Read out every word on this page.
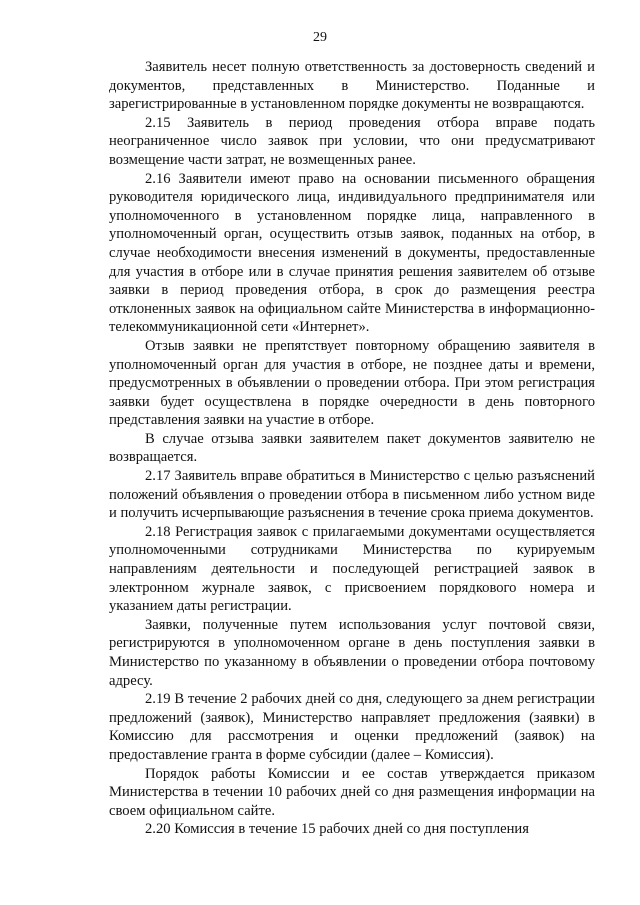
29

Заявитель несет полную ответственность за достоверность сведений и документов, представленных в Министерство. Поданные и зарегистрированные в установленном порядке документы не возвращаются.

2.15 Заявитель в период проведения отбора вправе подать неограниченное число заявок при условии, что они предусматривают возмещение части затрат, не возмещенных ранее.

2.16 Заявители имеют право на основании письменного обращения руководителя юридического лица, индивидуального предпринимателя или уполномоченного в установленном порядке лица, направленного в уполномоченный орган, осуществить отзыв заявок, поданных на отбор, в случае необходимости внесения изменений в документы, предоставленные для участия в отборе или в случае принятия решения заявителем об отзыве заявки в период проведения отбора, в срок до размещения реестра отклоненных заявок на официальном сайте Министерства в информационно-телекоммуникационной сети «Интернет».

Отзыв заявки не препятствует повторному обращению заявителя в уполномоченный орган для участия в отборе, не позднее даты и времени, предусмотренных в объявлении о проведении отбора. При этом регистрация заявки будет осуществлена в порядке очередности в день повторного представления заявки на участие в отборе.

В случае отзыва заявки заявителем пакет документов заявителю не возвращается.

2.17 Заявитель вправе обратиться в Министерство с целью разъяснений положений объявления о проведении отбора в письменном либо устном виде и получить исчерпывающие разъяснения в течение срока приема документов.

2.18 Регистрация заявок с прилагаемыми документами осуществляется уполномоченными сотрудниками Министерства по курируемым направлениям деятельности и последующей регистрацией заявок в электронном журнале заявок, с присвоением порядкового номера и указанием даты регистрации.

Заявки, полученные путем использования услуг почтовой связи, регистрируются в уполномоченном органе в день поступления заявки в Министерство по указанному в объявлении о проведении отбора почтовому адресу.

2.19 В течение 2 рабочих дней со дня, следующего за днем регистрации предложений (заявок), Министерство направляет предложения (заявки) в Комиссию для рассмотрения и оценки предложений (заявок) на предоставление гранта в форме субсидии (далее – Комиссия).

Порядок работы Комиссии и ее состав утверждается приказом Министерства в течении 10 рабочих дней со дня размещения информации на своем официальном сайте.

2.20 Комиссия в течение 15 рабочих дней со дня поступления
